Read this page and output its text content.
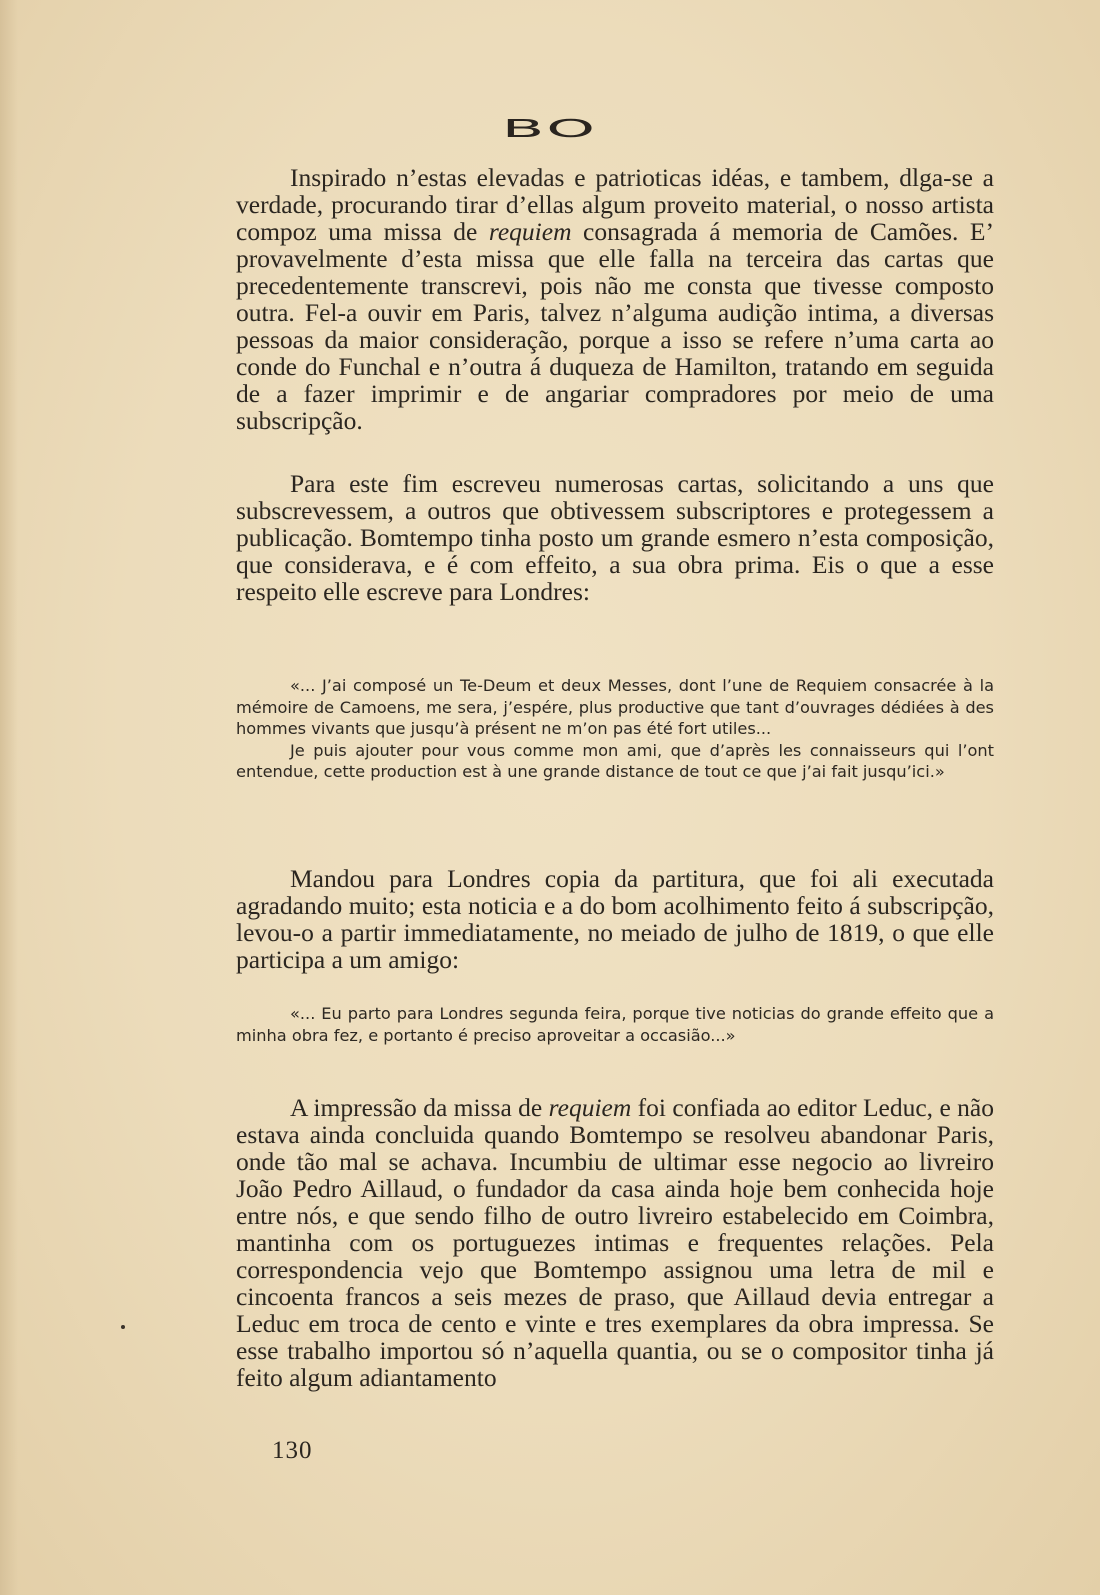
BO

Inspirado n’estas elevadas e patrioticas idéas, e tambem, dlga-se a verdade, procurando tirar d’ellas algum proveito material, o nosso artista compoz uma missa de requiem consagrada á memoria de Camões. E’ provavelmente d’esta missa que elle falla na terceira das cartas que precedentemente transcrevi, pois não me consta que tivesse composto outra. Fel-a ouvir em Paris, talvez n’alguma audição intima, a diversas pessoas da maior consideração, porque a isso se refere n’uma carta ao conde do Funchal e n’outra á duqueza de Hamilton, tratando em seguida de a fazer imprimir e de angariar compradores por meio de uma subscripção.

Para este fim escreveu numerosas cartas, solicitando a uns que subscrevessem, a outros que obtivessem subscriptores e protegessem a publicação. Bomtempo tinha posto um grande esmero n’esta composição, que considerava, e é com effeito, a sua obra prima. Eis o que a esse respeito elle escreve para Londres:

«... J’ai composé un Te-Deum et deux Messes, dont l’une de Requiem consacrée à la mémoire de Camoens, me sera, j’espére, plus productive que tant d’ouvrages dédiées à des hommes vivants que jusqu’à présent ne m’on pas été fort utiles...

Je puis ajouter pour vous comme mon ami, que d’après les connaisseurs qui l’ont entendue, cette production est à une grande distance de tout ce que j’ai fait jusqu’ici.»

Mandou para Londres copia da partitura, que foi ali executada agradando muito; esta noticia e a do bom acolhimento feito á subscripção, levou-o a partir immediatamente, no meiado de julho de 1819, o que elle participa a um amigo:

«... Eu parto para Londres segunda feira, porque tive noticias do grande effeito que a minha obra fez, e portanto é preciso aproveitar a occasião...»

A impressão da missa de requiem foi confiada ao editor Leduc, e não estava ainda concluida quando Bomtempo se resolveu abandonar Paris, onde tão mal se achava. Incumbiu de ultimar esse negocio ao livreiro João Pedro Aillaud, o fundador da casa ainda hoje bem conhecida hoje entre nós, e que sendo filho de outro livreiro estabelecido em Coimbra, mantinha com os portuguezes intimas e frequentes relações. Pela correspondencia vejo que Bomtempo assignou uma letra de mil e cincoenta francos a seis mezes de praso, que Aillaud devia entregar a Leduc em troca de cento e vinte e tres exemplares da obra impressa. Se esse trabalho importou só n’aquella quantia, ou se o compositor tinha já feito algum adiantamento

130
